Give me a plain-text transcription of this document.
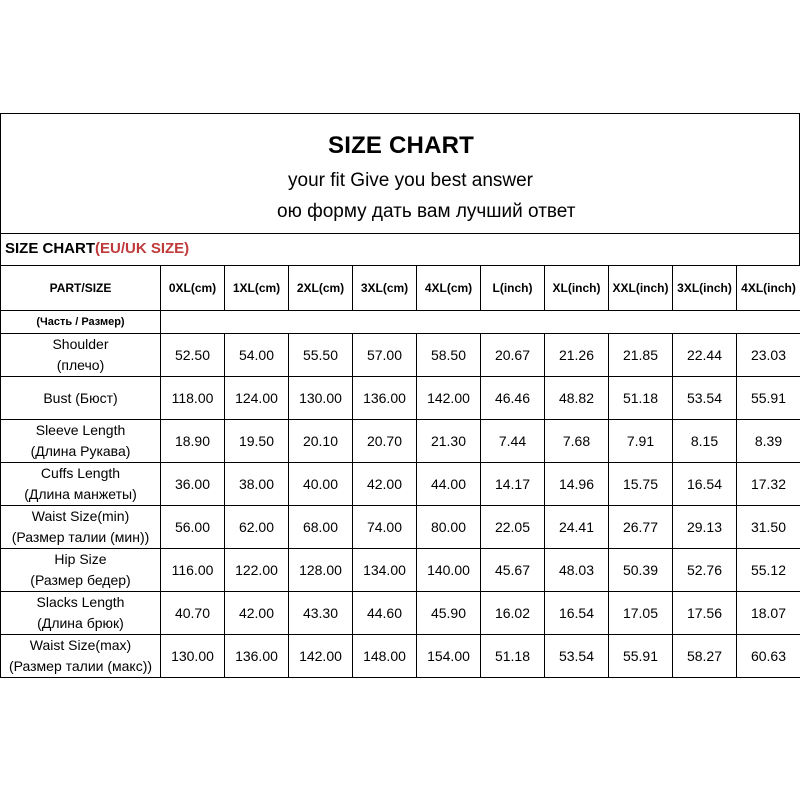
SIZE CHART
your fit Give you best answer
ою форму дать вам лучший ответ
SIZE CHART(EU/UK SIZE)
PART/SIZE	0XL(cm)	1XL(cm)	2XL(cm)	3XL(cm)	4XL(cm)	L(inch)	XL(inch)	XXL(inch)	3XL(inch)	4XL(inch)
(Часть / Размер)										

Shoulder
(плечо)	52.50	54.00	55.50	57.00	58.50	20.67	21.26	21.85	22.44	23.03

Bust (Бюст)	118.00	124.00	130.00	136.00	142.00	46.46	48.82	51.18	53.54	55.91

Sleeve Length
(Длина Рукава)	18.90	19.50	20.10	20.70	21.30	7.44	7.68	7.91	8.15	8.39

Cuffs Length
(Длина манжеты)	36.00	38.00	40.00	42.00	44.00	14.17	14.96	15.75	16.54	17.32

Waist Size(min)
(Размер талии (мин))	56.00	62.00	68.00	74.00	80.00	22.05	24.41	26.77	29.13	31.50

Hip Size
(Размер бедер)	116.00	122.00	128.00	134.00	140.00	45.67	48.03	50.39	52.76	55.12

Slacks Length
(Длина брюк)	40.70	42.00	43.30	44.60	45.90	16.02	16.54	17.05	17.56	18.07

Waist Size(max)
(Размер талии (макс))	130.00	136.00	142.00	148.00	154.00	51.18	53.54	55.91	58.27	60.63
